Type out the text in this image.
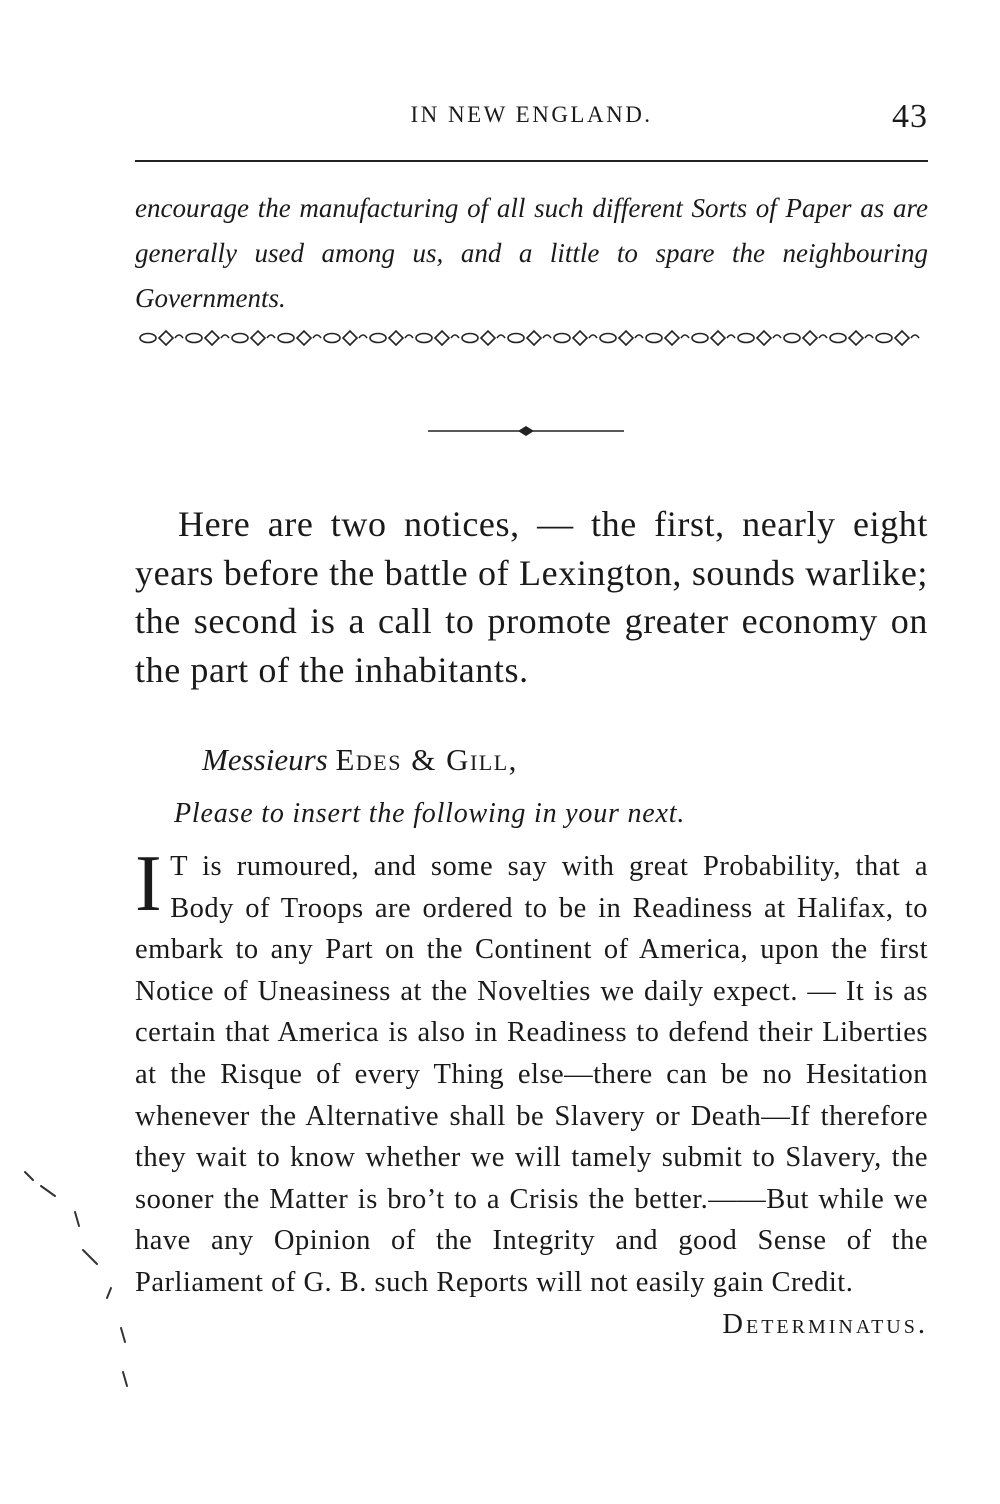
IN NEW ENGLAND.	43
encourage the manufacturing of all such different Sorts of Paper as are generally used among us, and a little to spare the neighbouring Governments.
Here are two notices, — the first, nearly eight years before the battle of Lexington, sounds warlike; the second is a call to promote greater economy on the part of the inhabitants.
Messieurs Edes & Gill,
Please to insert the following in your next.
I T is rumoured, and some say with great Probability, that a Body of Troops are ordered to be in Readiness at Halifax, to embark to any Part on the Continent of America, upon the first Notice of Uneasiness at the Novelties we daily expect. — It is as certain that America is also in Readiness to defend their Liberties at the Risque of every Thing else—there can be no Hesitation whenever the Alternative shall be Slavery or Death—If therefore they wait to know whether we will tamely submit to Slavery, the sooner the Matter is bro’t to a Crisis the better.——But while we have any Opinion of the Integrity and good Sense of the Parliament of G. B. such Reports will not easily gain Credit.
Determinatus.
